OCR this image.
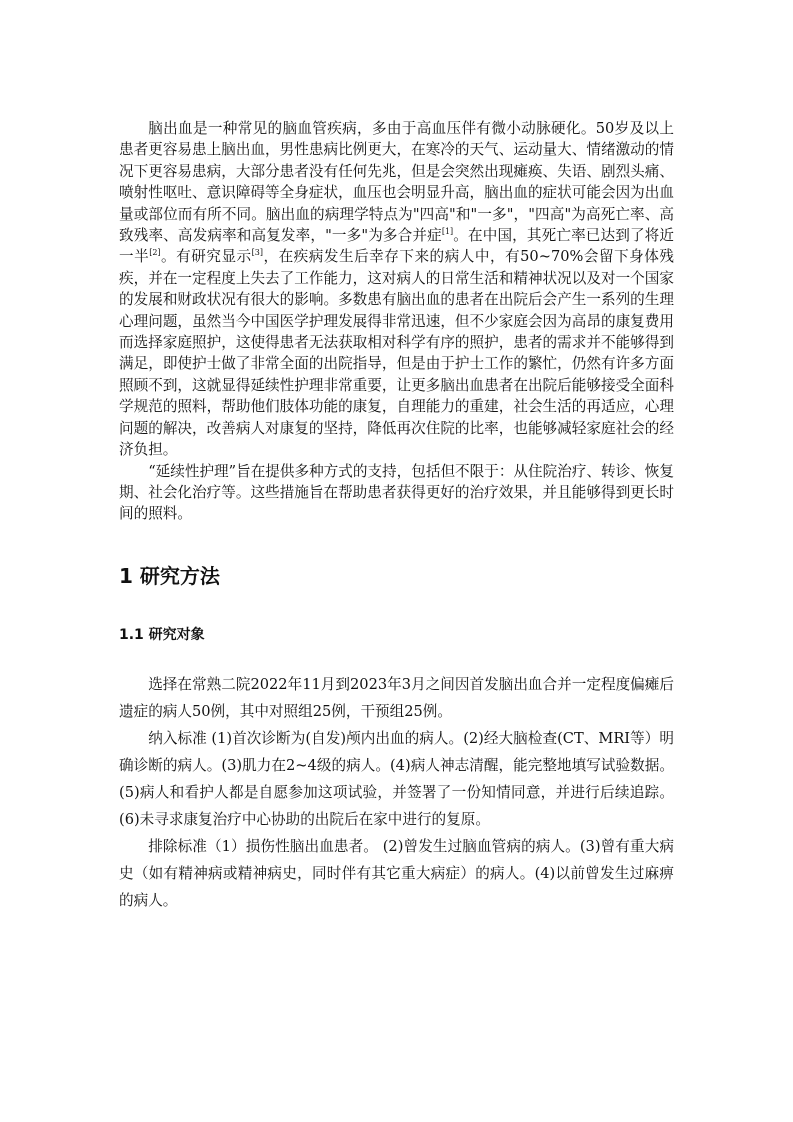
脑出血是一种常见的脑血管疾病，多由于高血压伴有微小动脉硬化。50岁及以上患者更容易患上脑出血，男性患病比例更大，在寒冷的天气、运动量大、情绪激动的情况下更容易患病，大部分患者没有任何先兆，但是会突然出现瘫痪、失语、剧烈头痛、喷射性呕吐、意识障碍等全身症状，血压也会明显升高，脑出血的症状可能会因为出血量或部位而有所不同。脑出血的病理学特点为"四高"和"一多"，"四高"为高死亡率、高致残率、高发病率和高复发率，"一多"为多合并症[1]。在中国，其死亡率已达到了将近一半[2]。有研究显示[3]，在疾病发生后幸存下来的病人中，有50~70%会留下身体残疾，并在一定程度上失去了工作能力，这对病人的日常生活和精神状况以及对一个国家的发展和财政状况有很大的影响。多数患有脑出血的患者在出院后会产生一系列的生理心理问题，虽然当今中国医学护理发展得非常迅速，但不少家庭会因为高昂的康复费用而选择家庭照护，这使得患者无法获取相对科学有序的照护，患者的需求并不能够得到满足，即使护士做了非常全面的出院指导，但是由于护士工作的繁忙，仍然有许多方面照顾不到，这就显得延续性护理非常重要，让更多脑出血患者在出院后能够接受全面科学规范的照料，帮助他们肢体功能的康复，自理能力的重建，社会生活的再适应，心理问题的解决，改善病人对康复的坚持，降低再次住院的比率，也能够减轻家庭社会的经济负担。

“延续性护理”旨在提供多种方式的支持，包括但不限于：从住院治疗、转诊、恢复期、社会化治疗等。这些措施旨在帮助患者获得更好的治疗效果，并且能够得到更长时间的照料。

1 研究方法
1.1 研究对象

选择在常熟二院2022年11月到2023年3月之间因首发脑出血合并一定程度偏瘫后遗症的病人50例，其中对照组25例，干预组25例。

纳入标准 (1)首次诊断为(自发)颅内出血的病人。(2)经大脑检查(CT、MRI等）明确诊断的病人。(3)肌力在2~4级的病人。(4)病人神志清醒，能完整地填写试验数据。(5)病人和看护人都是自愿参加这项试验，并签署了一份知情同意，并进行后续追踪。(6)未寻求康复治疗中心协助的出院后在家中进行的复原。

排除标准（1）损伤性脑出血患者。 (2)曾发生过脑血管病的病人。(3)曾有重大病史（如有精神病或精神病史，同时伴有其它重大病症）的病人。(4)以前曾发生过麻痹的病人。
